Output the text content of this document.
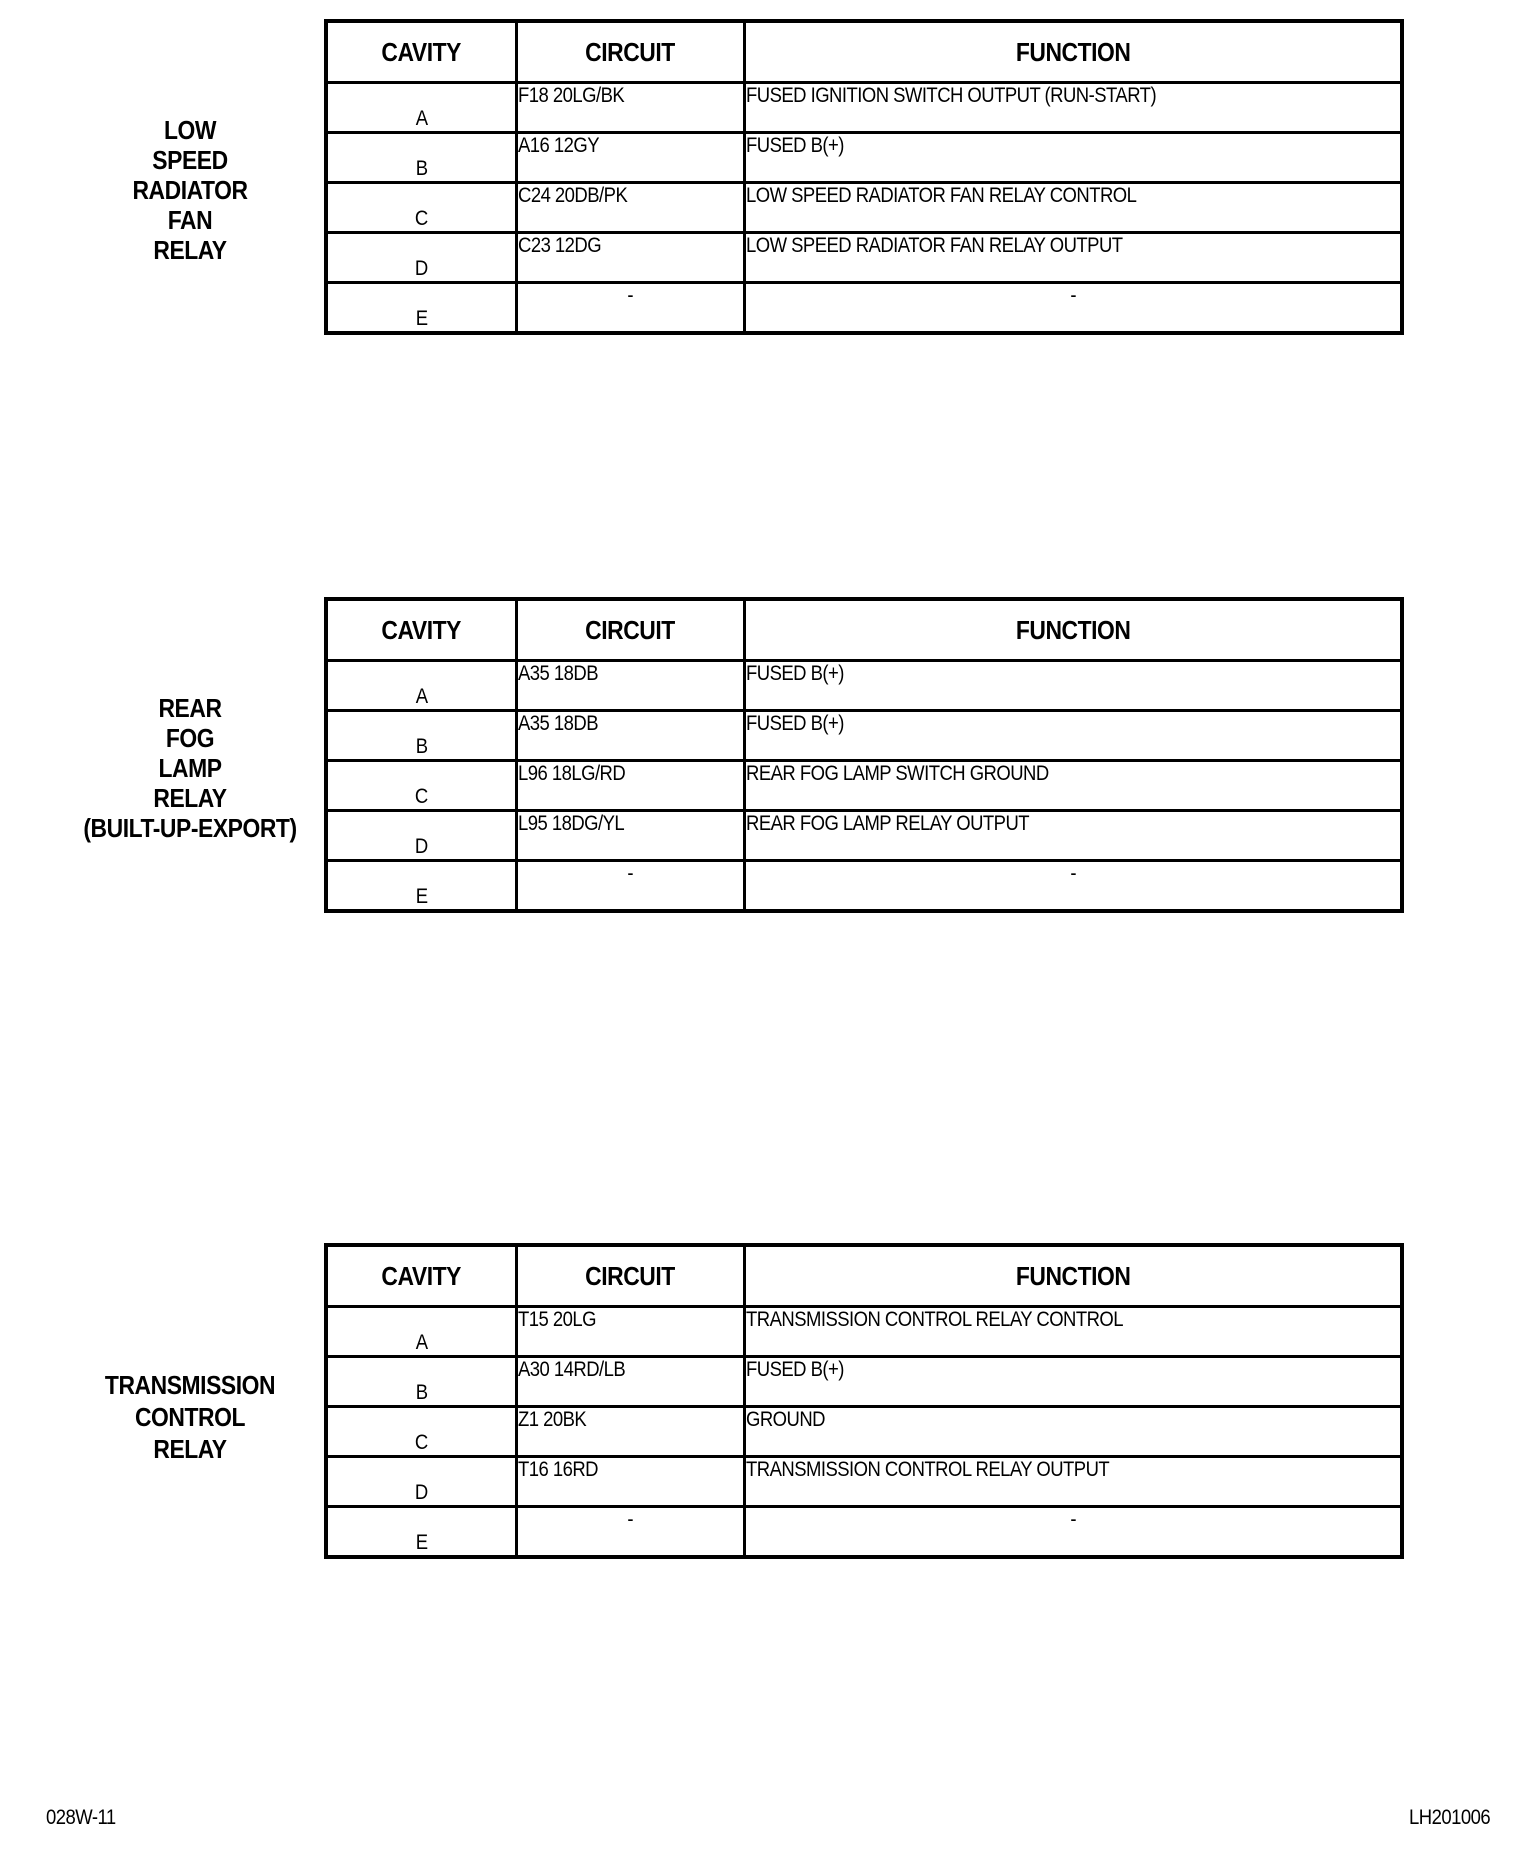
LOW
SPEED
RADIATOR
FAN
RELAY
CAVITY	CIRCUIT	FUNCTION
A	F18 20LG/BK	FUSED IGNITION SWITCH OUTPUT (RUN-START)
B	A16 12GY	FUSED B(+)
C	C24 20DB/PK	LOW SPEED RADIATOR FAN RELAY CONTROL
D	C23 12DG	LOW SPEED RADIATOR FAN RELAY OUTPUT
E	-	-
REAR
FOG
LAMP
RELAY
(BUILT-UP-EXPORT)
CAVITY	CIRCUIT	FUNCTION
A	A35 18DB	FUSED B(+)
B	A35 18DB	FUSED B(+)
C	L96 18LG/RD	REAR FOG LAMP SWITCH GROUND
D	L95 18DG/YL	REAR FOG LAMP RELAY OUTPUT
E	-	-
TRANSMISSION
CONTROL
RELAY
CAVITY	CIRCUIT	FUNCTION
A	T15 20LG	TRANSMISSION CONTROL RELAY CONTROL
B	A30 14RD/LB	FUSED B(+)
C	Z1 20BK	GROUND
D	T16 16RD	TRANSMISSION CONTROL RELAY OUTPUT
E	-	-
028W-11	LH201006
